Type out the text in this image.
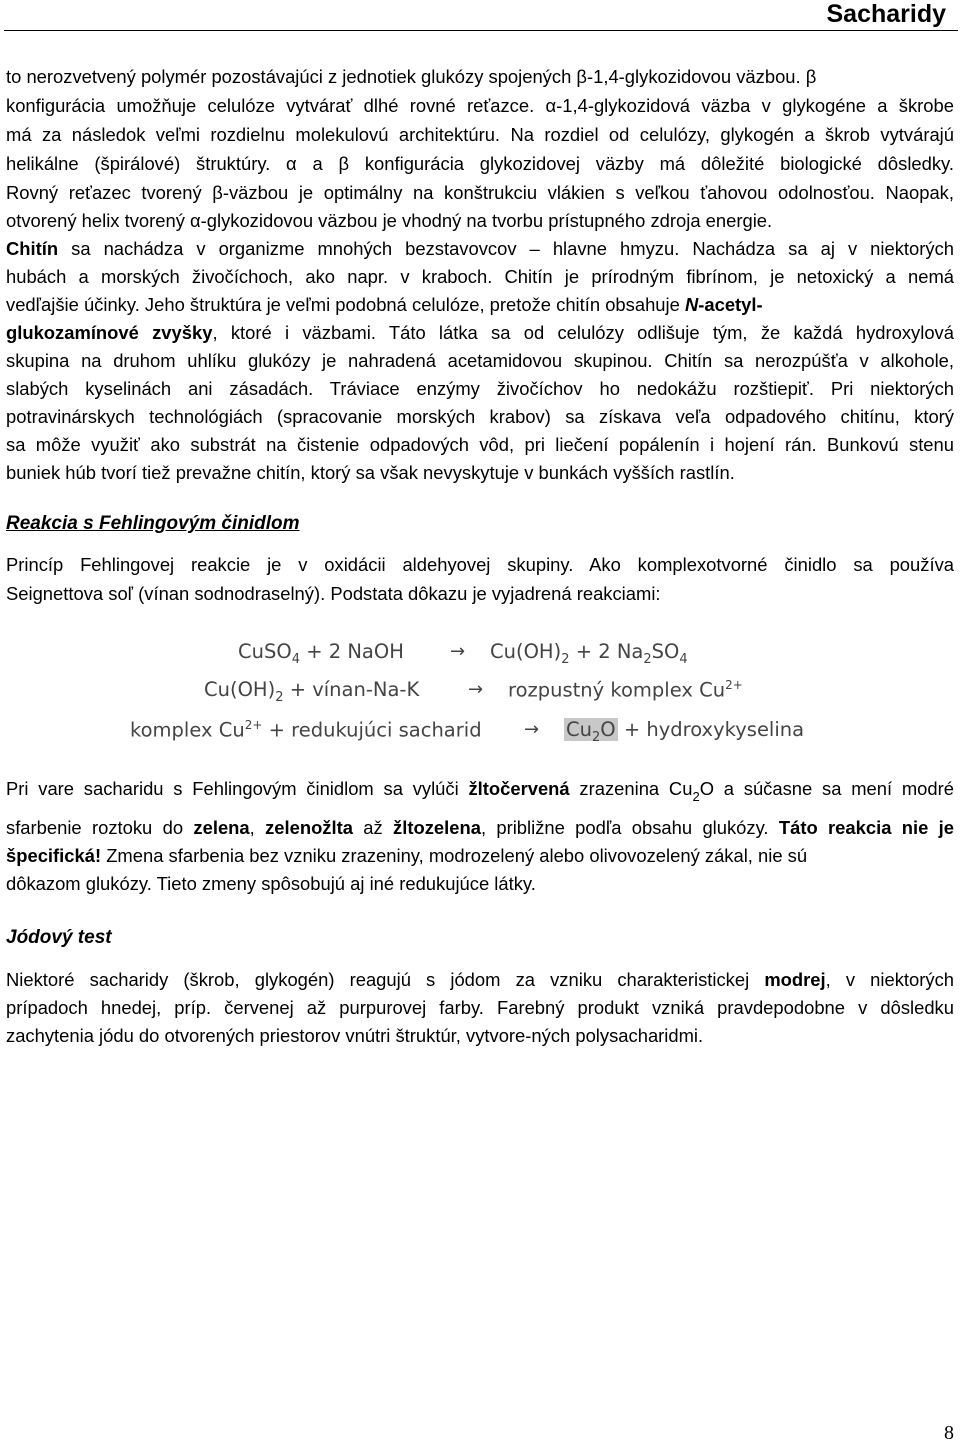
Sacharidy
to nerozvetvený polymér pozostávajúci z jednotiek glukózy spojených β-1,4-glykozidovou väzbou. β
konfigurácia umožňuje celulóze vytvárať dlhé rovné reťazce. α-1,4-glykozidová väzba v glykogéne a škrobe
má za následok veľmi rozdielnu molekulovú architektúru. Na rozdiel od celulózy, glykogén a škrob vytvárajú
helikálne (špirálové) štruktúry. α a β konfigurácia glykozidovej väzby má dôležité biologické dôsledky.
Rovný reťazec tvorený β-väzbou je optimálny na konštrukciu vlákien s veľkou ťahovou odolnosťou. Naopak,
otvorený helix tvorený α-glykozidovou väzbou je vhodný na tvorbu prístupného zdroja energie.
Chitín sa nachádza v organizme mnohých bezstavovcov – hlavne hmyzu. Nachádza sa aj v niektorých
hubách a morských živočíchoch, ako napr. v kraboch. Chitín je prírodným fibrínom, je netoxický a nemá
vedľajšie účinky. Jeho štruktúra je veľmi podobná celulóze, pretože chitín obsahuje N-acetyl-
glukozamínové zvyšky, ktoré i väzbami. Táto látka sa od celulózy odlišuje tým, že každá hydroxylová
skupina na druhom uhlíku glukózy je nahradená acetamidovou skupinou. Chitín sa nerozpúšťa v alkohole,
slabých kyselinách ani zásadách. Tráviace enzýmy živočíchov ho nedokážu rozštiepiť. Pri niektorých
potravinárskych technológiách (spracovanie morských krabov) sa získava veľa odpadového chitínu, ktorý
sa môže využiť ako substrát na čistenie odpadových vôd, pri liečení popálenín i hojení rán. Bunkovú stenu
buniek húb tvorí tiež prevažne chitín, ktorý sa však nevyskytuje v bunkách vyšších rastlín.
Reakcia s Fehlingovým činidlom
Princíp Fehlingovej reakcie je v oxidácii aldehyovej skupiny. Ako komplexotvorné činidlo sa používa
Seignettova soľ (vínan sodnodraselný). Podstata dôkazu je vyjadrená reakciami:
CuSO$_4$ + 2 NaOH	→ $Cu(OH)_2 + 2$ $Na_2SO_4$
$Cu(OH)_2$ + vínan-Na-K	→ rozpustný komplex $Cu^{2+}$
komplex $Cu^{2+}$ + redukujúci sacharid → $Cu_2O$ + hydroxykyselina
Pri vare sacharidu s Fehlingovým činidlom sa vylúči žltočervená zrazenina $Cu_2O$ a súčasne sa mení modré
sfarbenie roztoku do zelena, zelenožlta až žltozelena, približne podľa obsahu glukózy. Táto reakcia nie je
špecifická! Zmena sfarbenia bez vzniku zrazeniny, modrozelený alebo olivovozelený zákal, nie sú
dôkazom glukózy. Tieto zmeny spôsobujú aj iné redukujúce látky.
Jódový test
Niektoré sacharidy (škrob, glykogén) reagujú s jódom za vzniku charakteristickej modrej, v niektorých
prípadoch hnedej, príp. červenej až purpurovej farby. Farebný produkt vzniká pravdepodobne v dôsledku
zachytenia jódu do otvorených priestorov vnútri štruktúr, vytvore-ných polysacharidmi.
8
